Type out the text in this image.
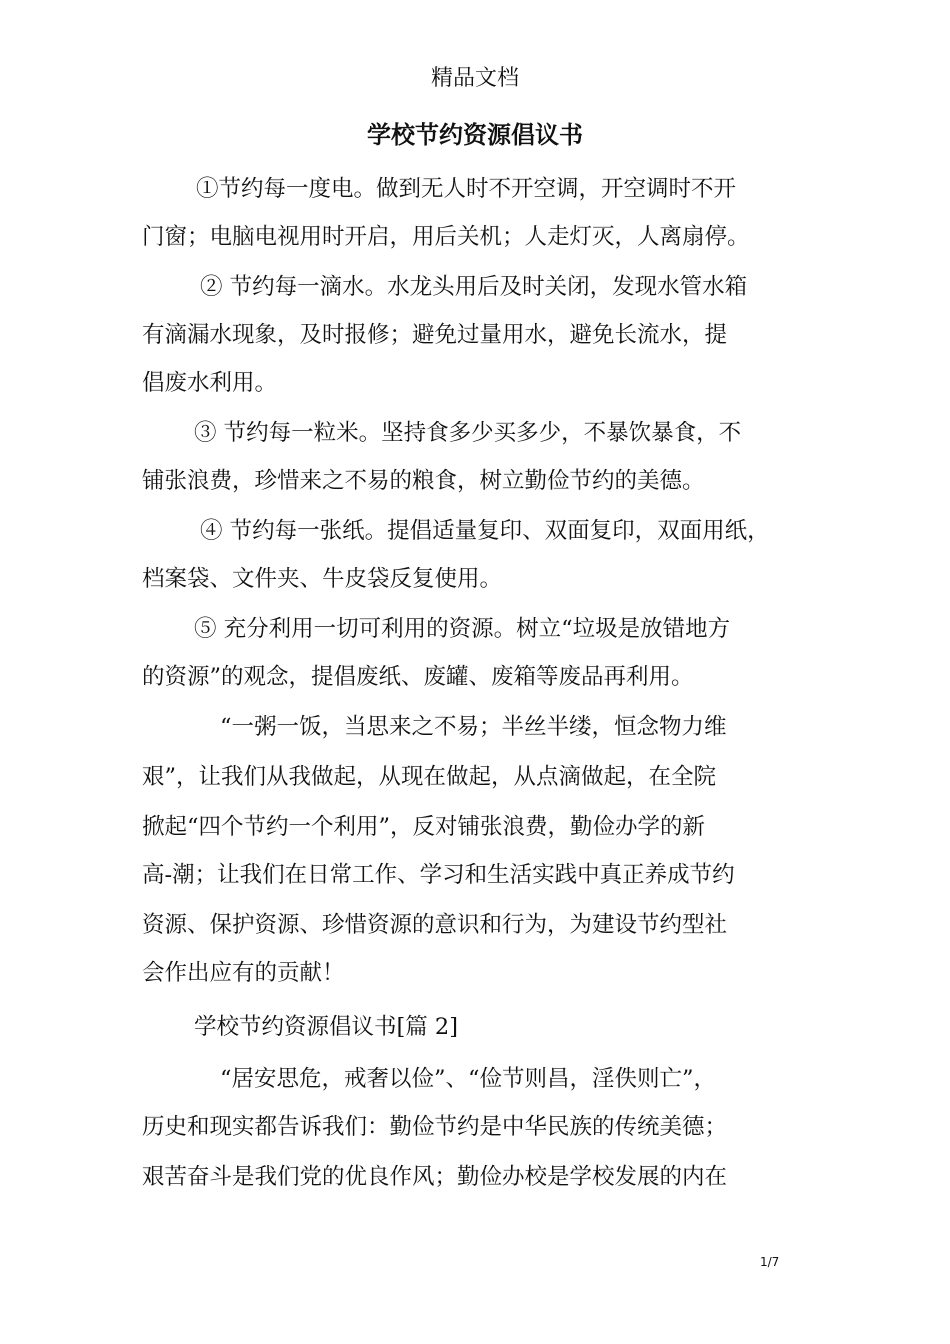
精品文档
学校节约资源倡议书
①节约每一度电。做到无人时不开空调，开空调时不开
门窗；电脑电视用时开启，用后关机；人走灯灭，人离扇停。
② 节约每一滴水。水龙头用后及时关闭，发现水管水箱
有滴漏水现象，及时报修；避免过量用水，避免长流水，提
倡废水利用。
③ 节约每一粒米。坚持食多少买多少，不暴饮暴食，不
铺张浪费，珍惜来之不易的粮食，树立勤俭节约的美德。
④ 节约每一张纸。提倡适量复印、双面复印，双面用纸，
档案袋、文件夹、牛皮袋反复使用。
⑤ 充分利用一切可利用的资源。树立“垃圾是放错地方
的资源”的观念，提倡废纸、废罐、废箱等废品再利用。
“一粥一饭，当思来之不易；半丝半缕，恒念物力维
艰”，让我们从我做起，从现在做起，从点滴做起，在全院
掀起“四个节约一个利用”，反对铺张浪费，勤俭办学的新
高-潮；让我们在日常工作、学习和生活实践中真正养成节约
资源、保护资源、珍惜资源的意识和行为，为建设节约型社
会作出应有的贡献！
学校节约资源倡议书[篇 2]
“居安思危，戒奢以俭”、“俭节则昌，淫佚则亡”，
历史和现实都告诉我们：勤俭节约是中华民族的传统美德；
艰苦奋斗是我们党的优良作风；勤俭办校是学校发展的内在
1/7
